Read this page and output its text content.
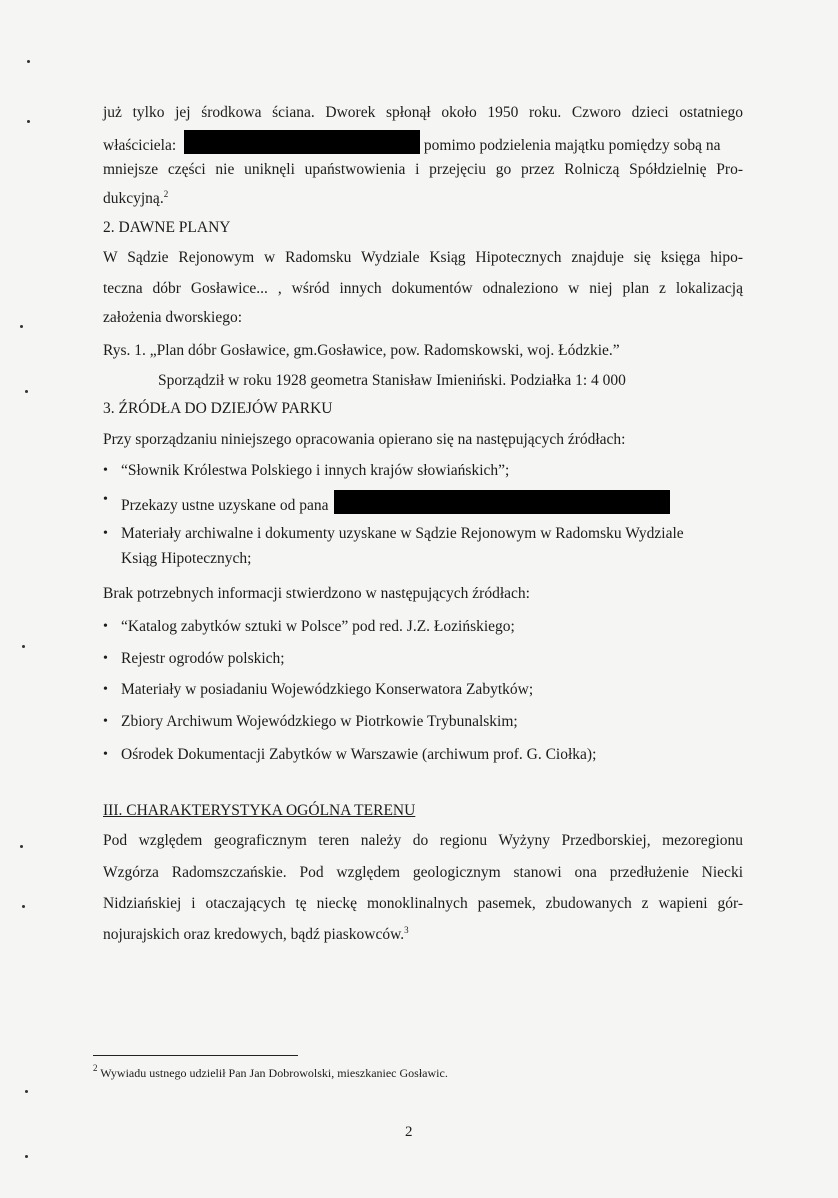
już tylko jej środkowa ściana. Dworek spłonął około 1950 roku. Czworo dzieci ostatniego
właściciela:	pomimo podzielenia majątku pomiędzy sobą na
mniejsze części nie uniknęli upaństwowienia i przejęciu go przez Rolniczą Spółdzielnię Pro-
dukcyjną.$^2$
2. DAWNE PLANY
W Sądzie Rejonowym w Radomsku Wydziale Ksiąg Hipotecznych znajduje się księga hipo-
teczna dóbr Gosławice... , wśród innych dokumentów odnaleziono w niej plan z lokalizacją
założenia dworskiego:
Rys. 1. „Plan dóbr Gosławice, gm.Gosławice, pow. Radomskowski, woj. Łódzkie.”
Sporządził w roku 1928 geometra Stanisław Imieniński. Podziałka 1: 4 000
3. ŹRÓDŁA DO DZIEJÓW PARKU
Przy sporządzaniu niniejszego opracowania opierano się na następujących źródłach:
• “Słownik Królestwa Polskiego i innych krajów słowiańskich”;
• Przekazy ustne uzyskane od pana
• Materiały archiwalne i dokumenty uzyskane w Sądzie Rejonowym w Radomsku Wydziale
Ksiąg Hipotecznych;
Brak potrzebnych informacji stwierdzono w następujących źródłach:
• “Katalog zabytków sztuki w Polsce” pod red. J.Z. Łozińskiego;
• Rejestr ogrodów polskich;
• Materiały w posiadaniu Wojewódzkiego Konserwatora Zabytków;
• Zbiory Archiwum Wojewódzkiego w Piotrkowie Trybunalskim;
• Ośrodek Dokumentacji Zabytków w Warszawie (archiwum prof. G. Ciołka);
III. CHARAKTERYSTYKA OGÓLNA TERENU
Pod względem geograficznym teren należy do regionu Wyżyny Przedborskiej, mezoregionu
Wzgórza Radomszczańskie. Pod względem geologicznym stanowi ona przedłużenie Niecki
Nidziańskiej i otaczających tę nieckę monoklinalnych pasemek, zbudowanych z wapieni gór-
nojurajskich oraz kredowych, bądź piaskowców.$^3$
$^2$ Wywiadu ustnego udzielił Pan Jan Dobrowolski, mieszkaniec Gosławic.
2
